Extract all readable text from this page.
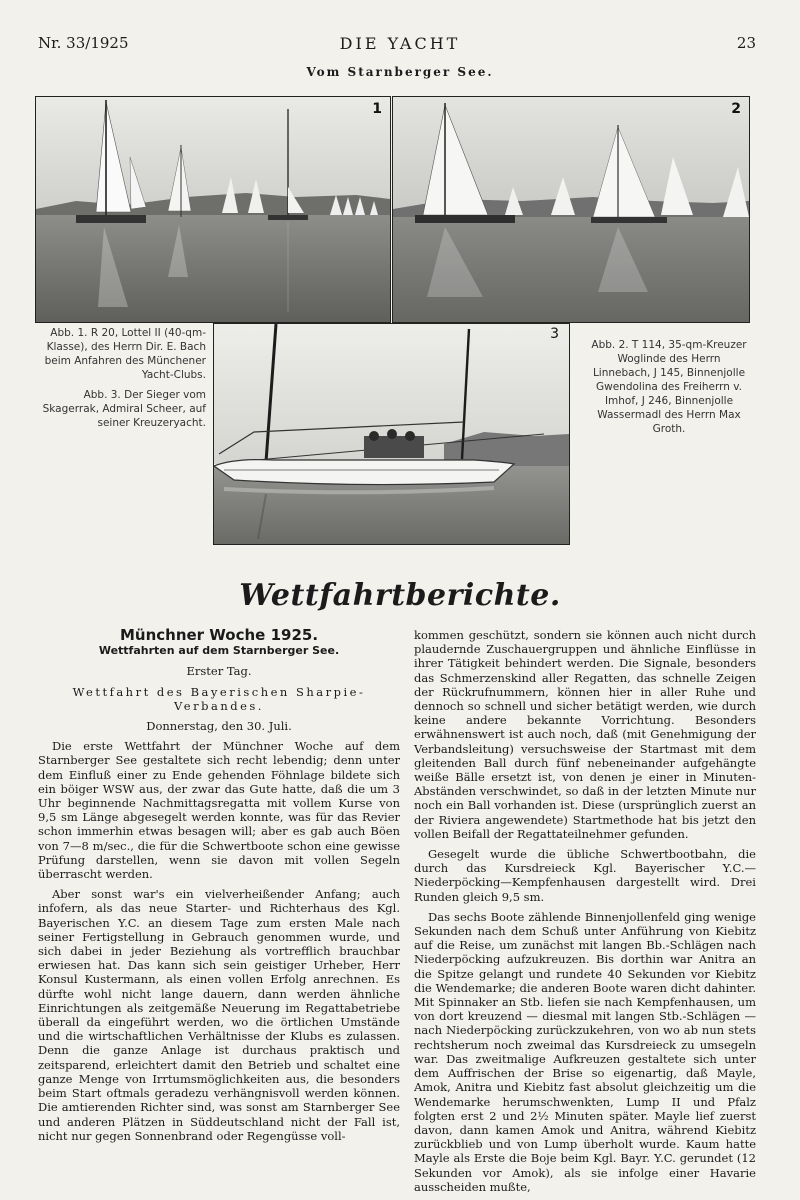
Nr. 33/1925	DIE YACHT	23
Vom Starnberger See.
1	2
3

Abb. 1. R 20, Lottel II (40-qm-Klasse), des Herrn Dir. E. Bach beim Anfahren des Münchener Yacht-Clubs.

Abb. 3. Der Sieger vom Skagerrak, Admiral Scheer, auf seiner Kreuzeryacht.

Abb. 2. T 114, 35-qm-Kreuzer Woglinde des Herrn Linnebach, J 145, Binnenjolle Gwendolina des Freiherrn v. Imhof, J 246, Binnenjolle Wassermadl des Herrn Max Groth.
Wettfahrtberichte.
Münchner Woche 1925.
Wettfahrten auf dem Starnberger See.

Erster Tag.

Wettfahrt des Bayerischen Sharpie-Verbandes.

Donnerstag, den 30. Juli.

Die erste Wettfahrt der Münchner Woche auf dem Starnberger See gestaltete sich recht lebendig; denn unter dem Einfluß einer zu Ende gehenden Föhnlage bildete sich ein böiger WSW aus, der zwar das Gute hatte, daß die um 3 Uhr beginnende Nachmittagsregatta mit vollem Kurse von 9,5 sm Länge abgesegelt werden konnte, was für das Revier schon immerhin etwas besagen will; aber es gab auch Böen von 7—8 m/sec., die für die Schwertboote schon eine gewisse Prüfung darstellen, wenn sie davon mit vollen Segeln überrascht werden.

Aber sonst war's ein vielverheißender Anfang; auch infofern, als das neue Starter- und Richterhaus des Kgl. Bayerischen Y.C. an diesem Tage zum ersten Male nach seiner Fertigstellung in Gebrauch genommen wurde, und sich dabei in jeder Beziehung als vortrefflich brauchbar erwiesen hat. Das kann sich sein geistiger Urheber, Herr Konsul Kustermann, als einen vollen Erfolg anrechnen. Es dürfte wohl nicht lange dauern, dann werden ähnliche Einrichtungen als zeitgemäße Neuerung im Regattabetriebe überall da eingeführt werden, wo die örtlichen Umstände und die wirtschaftlichen Verhältnisse der Klubs es zulassen. Denn die ganze Anlage ist durchaus praktisch und zeitsparend, erleichtert damit den Betrieb und schaltet eine ganze Menge von Irrtumsmöglichkeiten aus, die besonders beim Start oftmals geradezu verhängnisvoll werden können. Die amtierenden Richter sind, was sonst am Starnberger See und anderen Plätzen in Süddeutschland nicht der Fall ist, nicht nur gegen Sonnenbrand oder Regengüsse voll-

kommen geschützt, sondern sie können auch nicht durch plaudernde Zuschauergruppen und ähnliche Einflüsse in ihrer Tätigkeit behindert werden. Die Signale, besonders das Schmerzenskind aller Regatten, das schnelle Zeigen der Rückrufnummern, können hier in aller Ruhe und dennoch so schnell und sicher betätigt werden, wie durch keine andere bekannte Vorrichtung. Besonders erwähnenswert ist auch noch, daß (mit Genehmigung der Verbandsleitung) versuchsweise der Startmast mit dem gleitenden Ball durch fünf nebeneinander aufgehängte weiße Bälle ersetzt ist, von denen je einer in Minuten-Abständen verschwindet, so daß in der letzten Minute nur noch ein Ball vorhanden ist. Diese (ursprünglich zuerst an der Riviera angewendete) Startmethode hat bis jetzt den vollen Beifall der Regattateilnehmer gefunden.

Gesegelt wurde die übliche Schwertbootbahn, die durch das Kursdreieck Kgl. Bayerischer Y.C.—Niederpöcking—Kempfenhausen dargestellt wird. Drei Runden gleich 9,5 sm.

Das sechs Boote zählende Binnenjollenfeld ging wenige Sekunden nach dem Schuß unter Anführung von Kiebitz auf die Reise, um zunächst mit langen Bb.-Schlägen nach Niederpöcking aufzukreuzen. Bis dorthin war Anitra an die Spitze gelangt und rundete 40 Sekunden vor Kiebitz die Wendemarke; die anderen Boote waren dicht dahinter. Mit Spinnaker an Stb. liefen sie nach Kempfenhausen, um von dort kreuzend — diesmal mit langen Stb.-Schlägen — nach Niederpöcking zurückzukehren, von wo ab nun stets rechtsherum noch zweimal das Kursdreieck zu umsegeln war. Das zweitmalige Aufkreuzen gestaltete sich unter dem Auffrischen der Brise so eigenartig, daß Mayle, Amok, Anitra und Kiebitz fast absolut gleichzeitig um die Wendemarke herumschwenkten, Lump II und Pfalz folgten erst 2 und 2½ Minuten später. Mayle lief zuerst davon, dann kamen Amok und Anitra, während Kiebitz zurückblieb und von Lump überholt wurde. Kaum hatte Mayle als Erste die Boje beim Kgl. Bayr. Y.C. gerundet (12 Sekunden vor Amok), als sie infolge einer Havarie ausscheiden mußte,
